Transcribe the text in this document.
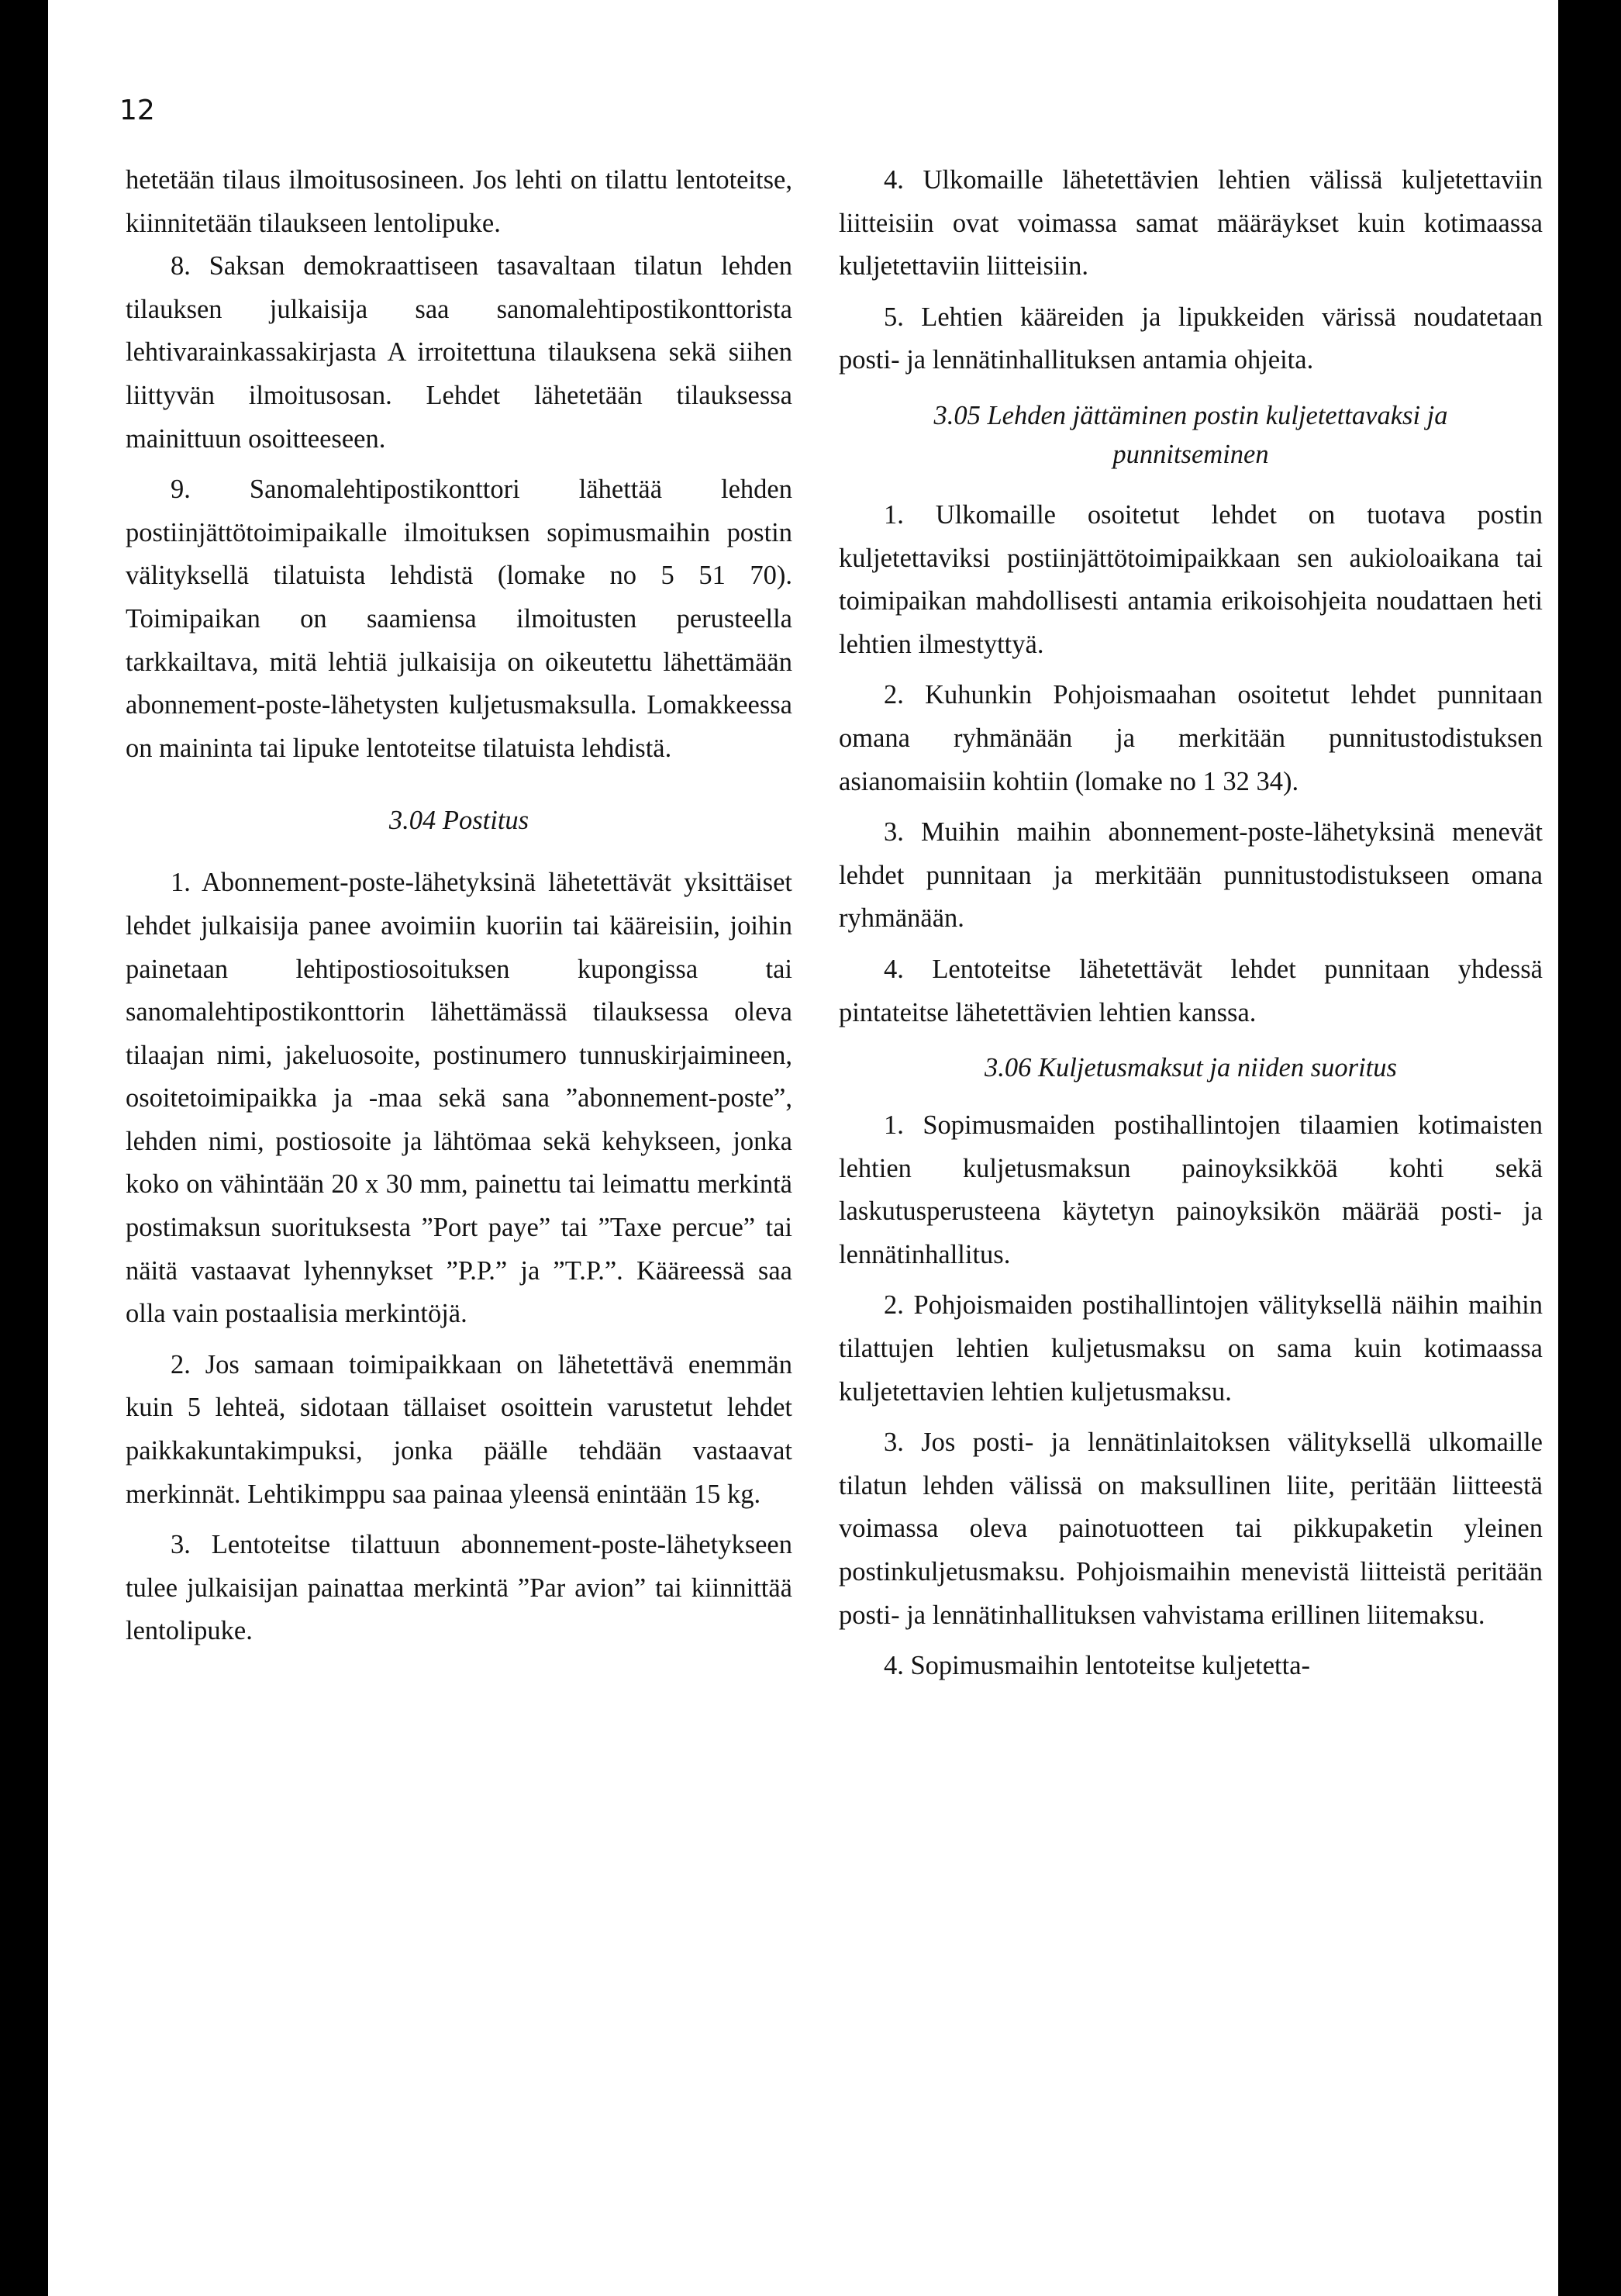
12

hetetään tilaus ilmoitusosineen. Jos lehti on tilattu lentoteitse, kiinnitetään tilaukseen lentolipuke.

8. Saksan demokraattiseen tasavaltaan tilatun lehden tilauksen julkaisija saa sanomalehtipostikonttorista lehtivarainkassakirjasta A irroitettuna tilauksena sekä siihen liittyvän ilmoitusosan. Lehdet lähetetään tilauksessa mainittuun osoitteeseen.

9. Sanomalehtipostikonttori lähettää lehden postiinjättötoimipaikalle ilmoituksen sopimusmaihin postin välityksellä tilatuista lehdistä (lomake no 5 51 70). Toimipaikan on saamiensa ilmoitusten perusteella tarkkailtava, mitä lehtiä julkaisija on oikeutettu lähettämään abonnement-poste-lähetysten kuljetusmaksulla. Lomakkeessa on maininta tai lipuke lentoteitse tilatuista lehdistä.

3.04 Postitus

1. Abonnement-poste-lähetyksinä lähetettävät yksittäiset lehdet julkaisija panee avoimiin kuoriin tai kääreisiin, joihin painetaan lehtipostiosoituksen kupongissa tai sanomalehtipostikonttorin lähettämässä tilauksessa oleva tilaajan nimi, jakeluosoite, postinumero tunnuskirjaimineen, osoitetoimipaikka ja -maa sekä sana ”abonnement-poste”, lehden nimi, postiosoite ja lähtömaa sekä kehykseen, jonka koko on vähintään 20 x 30 mm, painettu tai leimattu merkintä postimaksun suorituksesta ”Port paye” tai ”Taxe percue” tai näitä vastaavat lyhennykset ”P.P.” ja ”T.P.”. Kääreessä saa olla vain postaalisia merkintöjä.

2. Jos samaan toimipaikkaan on lähetettävä enemmän kuin 5 lehteä, sidotaan tällaiset osoittein varustetut lehdet paikkakuntakimpuksi, jonka päälle tehdään vastaavat merkinnät. Lehtikimppu saa painaa yleensä enintään 15 kg.

3. Lentoteitse tilattuun abonnement-poste-lähetykseen tulee julkaisijan painattaa merkintä ”Par avion” tai kiinnittää lentolipuke.

4. Ulkomaille lähetettävien lehtien välissä kuljetettaviin liitteisiin ovat voimassa samat määräykset kuin kotimaassa kuljetettaviin liitteisiin.

5. Lehtien kääreiden ja lipukkeiden värissä noudatetaan posti- ja lennätinhallituksen antamia ohjeita.

3.05 Lehden jättäminen postin kuljetettavaksi ja punnitseminen

1. Ulkomaille osoitetut lehdet on tuotava postin kuljetettaviksi postiinjättötoimipaikkaan sen aukioloaikana tai toimipaikan mahdollisesti antamia erikoisohjeita noudattaen heti lehtien ilmestyttyä.

2. Kuhunkin Pohjoismaahan osoitetut lehdet punnitaan omana ryhmänään ja merkitään punnitustodistuksen asianomaisiin kohtiin (lomake no 1 32 34).

3. Muihin maihin abonnement-poste-lähetyksinä menevät lehdet punnitaan ja merkitään punnitustodistukseen omana ryhmänään.

4. Lentoteitse lähetettävät lehdet punnitaan yhdessä pintateitse lähetettävien lehtien kanssa.

3.06 Kuljetusmaksut ja niiden suoritus

1. Sopimusmaiden postihallintojen tilaamien kotimaisten lehtien kuljetusmaksun painoyksikköä kohti sekä laskutusperusteena käytetyn painoyksikön määrää posti- ja lennätinhallitus.

2. Pohjoismaiden postihallintojen välityksellä näihin maihin tilattujen lehtien kuljetusmaksu on sama kuin kotimaassa kuljetettavien lehtien kuljetusmaksu.

3. Jos posti- ja lennätinlaitoksen välityksellä ulkomaille tilatun lehden välissä on maksullinen liite, peritään liitteestä voimassa oleva painotuotteen tai pikkupaketin yleinen postinkuljetusmaksu. Pohjoismaihin menevistä liitteistä peritään posti- ja lennätinhallituksen vahvistama erillinen liitemaksu.

4. Sopimusmaihin lentoteitse kuljetetta-
